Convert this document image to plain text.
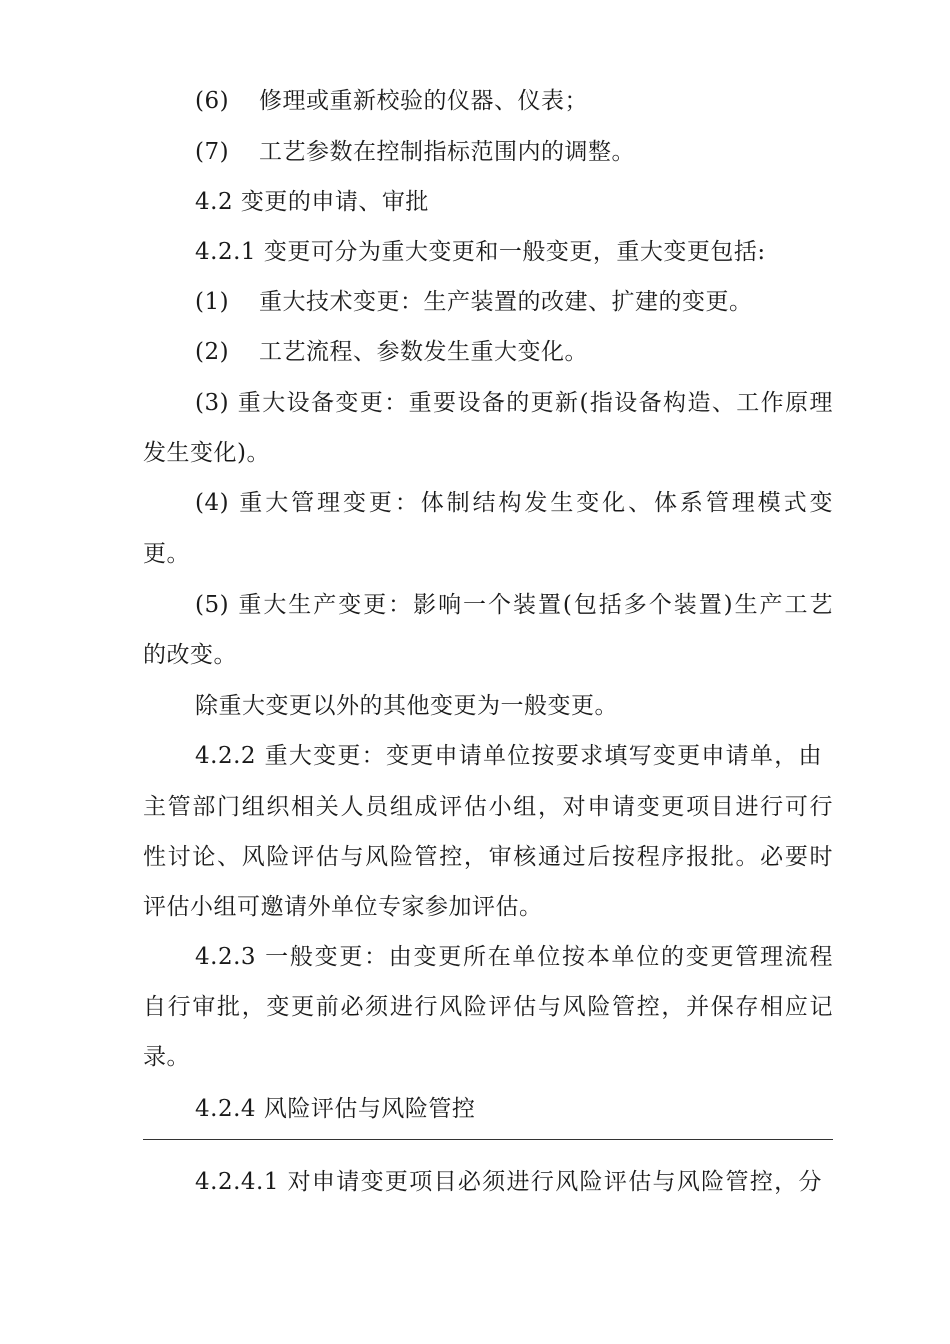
(6) 修理或重新校验的仪器、仪表；
(7) 工艺参数在控制指标范围内的调整。
4.2 变更的申请、审批
4.2.1 变更可分为重大变更和一般变更，重大变更包括:
(1) 重大技术变更：生产装置的改建、扩建的变更。
(2) 工艺流程、参数发生重大变化。
(3) 重大设备变更：重要设备的更新(指设备构造、工作原理
发生变化)。
(4) 重大管理变更：体制结构发生变化、体系管理模式变
更。
(5) 重大生产变更：影响一个装置(包括多个装置)生产工艺
的改变。
除重大变更以外的其他变更为一般变更。
4.2.2 重大变更：变更申请单位按要求填写变更申请单，由
主管部门组织相关人员组成评估小组，对申请变更项目进行可行
性讨论、风险评估与风险管控，审核通过后按程序报批。必要时
评估小组可邀请外单位专家参加评估。
4.2.3 一般变更：由变更所在单位按本单位的变更管理流程
自行审批，变更前必须进行风险评估与风险管控，并保存相应记
录。
4.2.4 风险评估与风险管控
4.2.4.1 对申请变更项目必须进行风险评估与风险管控，分
